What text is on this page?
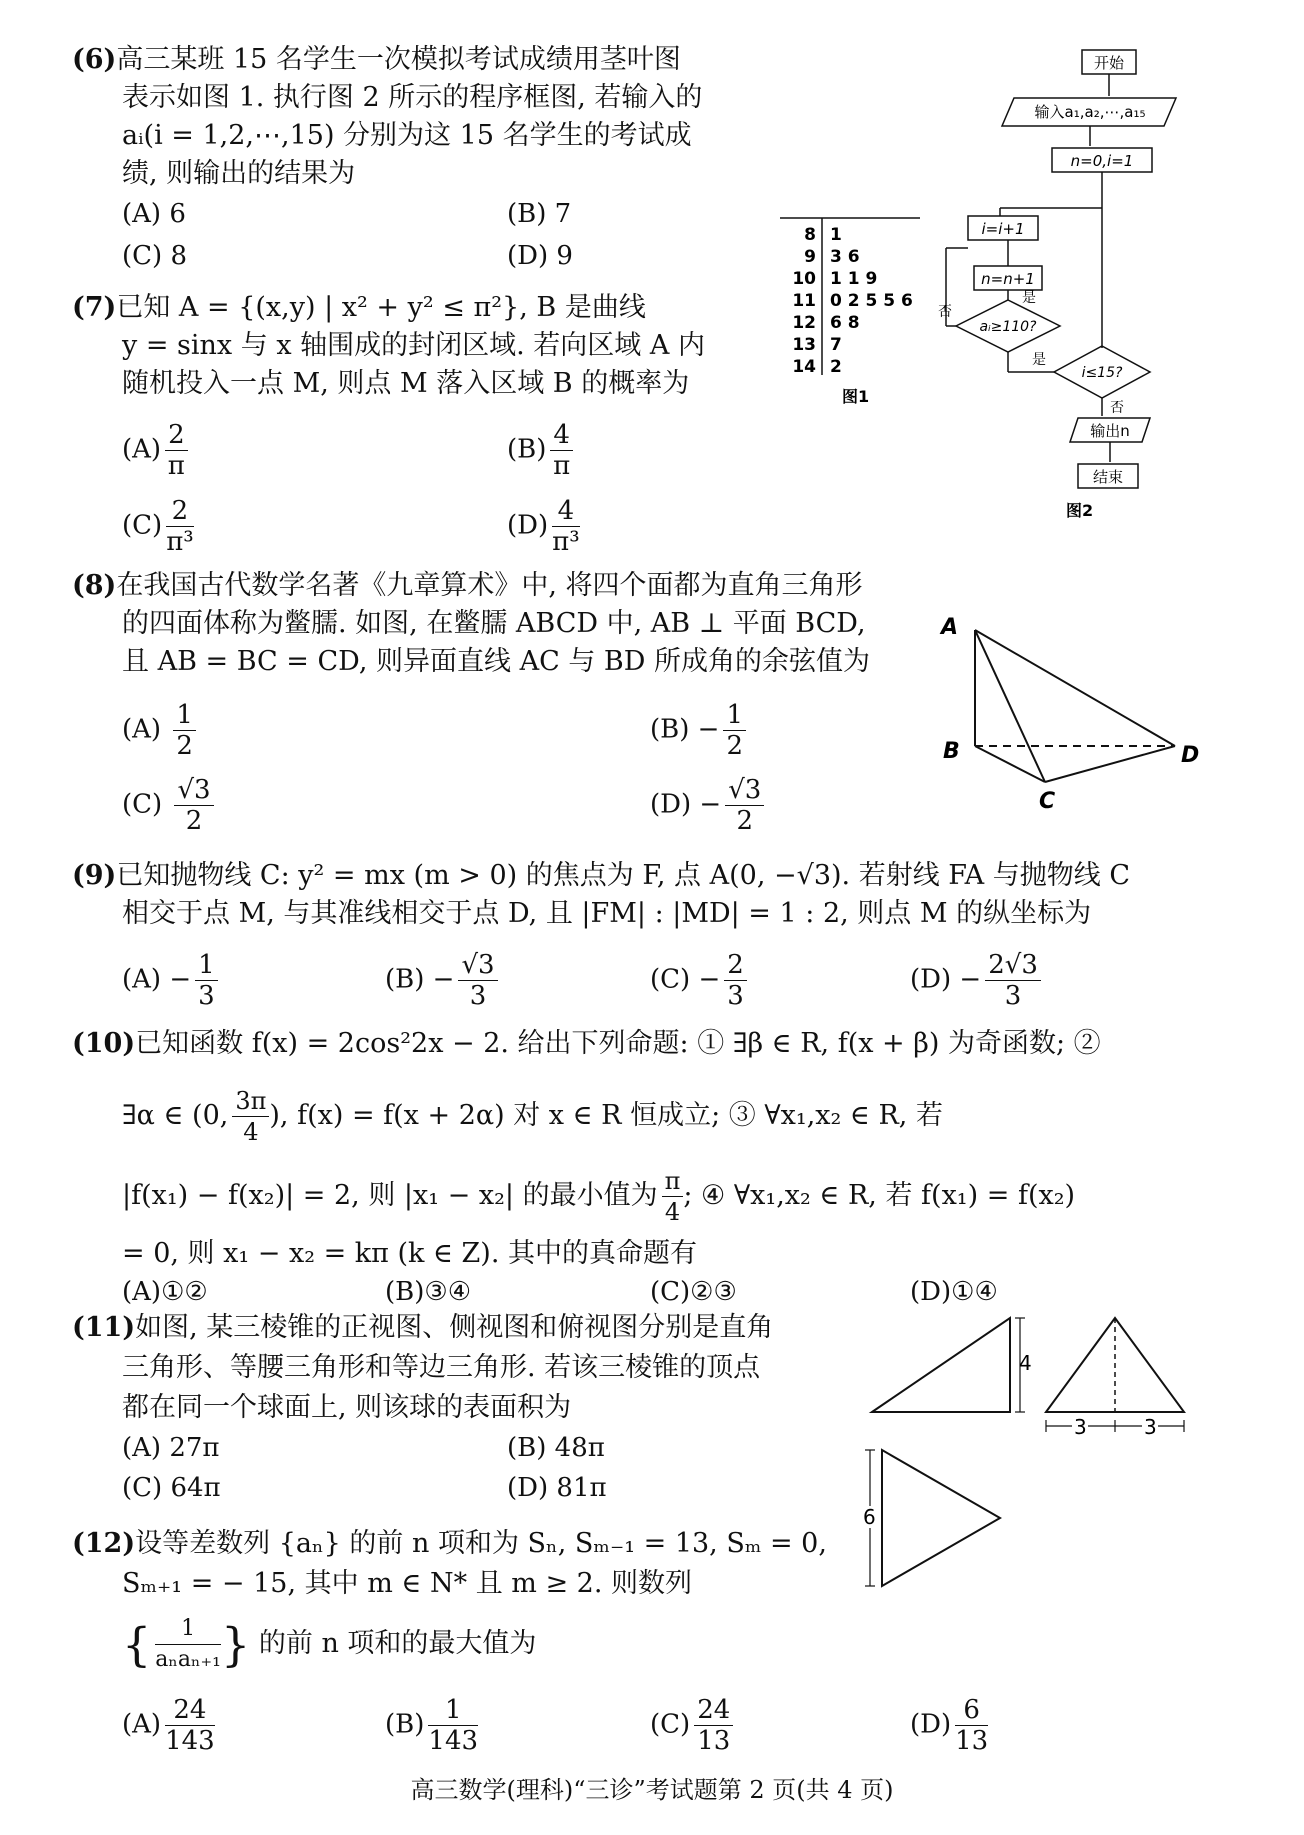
(6)高三某班 15 名学生一次模拟考试成绩用茎叶图
表示如图 1. 执行图 2 所示的程序框图, 若输入的
aᵢ(i = 1,2,⋯,15) 分别为这 15 名学生的考试成
绩, 则输出的结果为
(A) 6	(B) 7
(C) 8	(D) 9
8 1
9 3 6
10 1 1 9
11 0 2 5 5 6
12 6 8
13 7
14 2
图1
开始
输入a₁,a₂,⋯,a₁₅
n=0,i=1
i=i+1
n=n+1
aᵢ≥110?
是
否
i≤15?
是
否
输出n
结束
图2
(7)已知 A = {(x,y) | x² + y² ≤ π²}, B 是曲线
y = sinx 与 x 轴围成的封闭区域. 若向区域 A 内
随机投入一点 M, 则点 M 落入区域 B 的概率为
$(A) \frac{2}{\pi}$	$(B) \frac{4}{\pi}$
$(C) \frac{2}{\text{π³}}$	$(D) \frac{4}{\text{π³}}$
(8)在我国古代数学名著《九章算术》中, 将四个面都为直角三角形
的四面体称为鳖臑. 如图, 在鳖臑 ABCD 中, AB ⊥ 平面 BCD,
且 AB = BC = CD, 则异面直线 AC 与 BD 所成角的余弦值为
$(A) \frac{1}{2}$	$(B) - \frac{1}{2}$
$(C) \frac{√3}{2}$	$(D) - \frac{√3}{2}$
A
B
C
D
(9)已知抛物线 C: y² = mx (m > 0) 的焦点为 F, 点 A(0, −√3). 若射线 FA 与抛物线 C
相交于点 M, 与其准线相交于点 D, 且 |FM| : |MD| = 1 : 2, 则点 M 的纵坐标为
$(A) - \frac{1}{3}$	$(B) - \frac{√3}{3}$	$(C) - \frac{2}{3}$	$(D) - \frac{2√3}{3}$
(10)已知函数 f(x) = 2cos²2x − 2. 给出下列命题: ① ∃β ∈ R, f(x + β) 为奇函数; ②
∃α ∈ (0, $\frac{3\pi}{4}$ ), f(x) = f(x + 2α) 对 x ∈ R 恒成立; ③ ∀x₁,x₂ ∈ R, 若
|f(x₁) − f(x₂)| = 2, 则 |x₁ − x₂| 的最小值为 $\frac{\pi}{4}$ ; ④ ∀x₁,x₂ ∈ R, 若 f(x₁) = f(x₂)
= 0, 则 x₁ − x₂ = kπ (k ∈ Z). 其中的真命题有
(A)①②	(B)③④	(C)②③	(D)①④
(11)如图, 某三棱锥的正视图、侧视图和俯视图分别是直角
三角形、等腰三角形和等边三角形. 若该三棱锥的顶点
都在同一个球面上, 则该球的表面积为
(A) 27π	(B) 48π
(C) 64π	(D) 81π
4
3	3
6
(12)设等差数列 {aₙ} 的前 n 项和为 Sₙ, Sₘ₋₁ = 13, Sₘ = 0,
Sₘ₊₁ = − 15, 其中 m ∈ N* 且 m ≥ 2. 则数列
{ $\frac{1}{\text{aₙaₙ₊₁}}$ } 的前 n 项和的最大值为
$(A) \frac{24}{143}$	$(B) \frac{1}{143}$	$(C) \frac{24}{13}$	$(D) \frac{6}{13}$
高三数学(理科)“三诊”考试题第 2 页(共 4 页)
